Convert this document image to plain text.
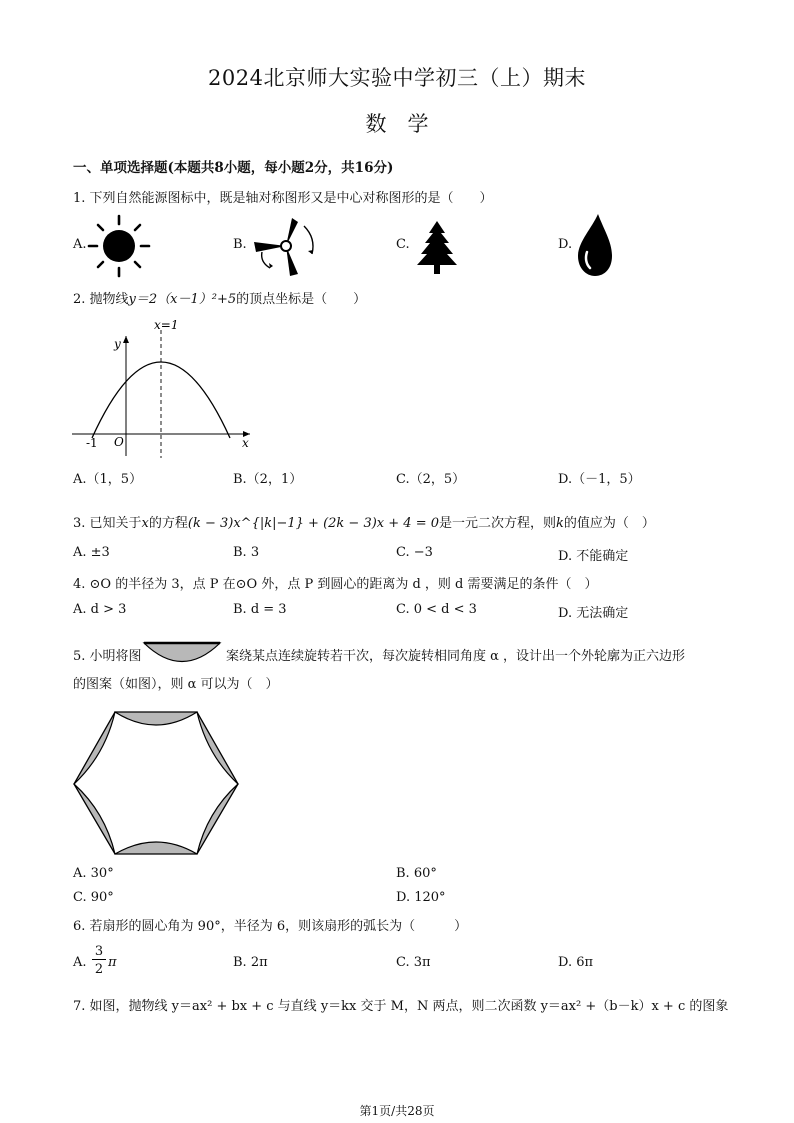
2024北京师大实验中学初三（上）期末
数　学
一、单项选择题(本题共8小题，每小题2分，共16分)
1. 下列自然能源图标中，既是轴对称图形又是中心对称图形的是（　　）
A.	B.	C.	D.
2. 抛物线y＝2（x－1）²+5的顶点坐标是（　　）
x=1
y
x
O
-1
A.（1，5）	B.（2，1）	C.（2，5）	D.（－1，5）
3. 已知关于x的方程(k − 3)x^{|k|−1} + (2k − 3)x + 4 = 0是一元二次方程，则k的值应为（　）
A. ±3	B. 3	C. −3	D. 不能确定
4. ⊙O 的半径为 3，点 P 在⊙O 外，点 P 到圆心的距离为 d ，则 d 需要满足的条件（　）
A. d > 3	B. d = 3	C. 0 < d < 3	D. 无法确定
5. 小明将图	案绕某点连续旋转若干次，每次旋转相同角度 α ，设计出一个外轮廓为正六边形
的图案（如图），则 α 可以为（　）
A. 30°	B. 60°
C. 90°	D. 120°
6. 若扇形的圆心角为 90°，半径为 6，则该扇形的弧长为（　　　）
A.
3
2 π	B. 2π	C. 3π	D. 6π
7. 如图，抛物线 y＝ax² + bx + c 与直线 y＝kx 交于 M，N 两点，则二次函数 y＝ax² +（b－k）x + c 的图象
第1页/共28页
